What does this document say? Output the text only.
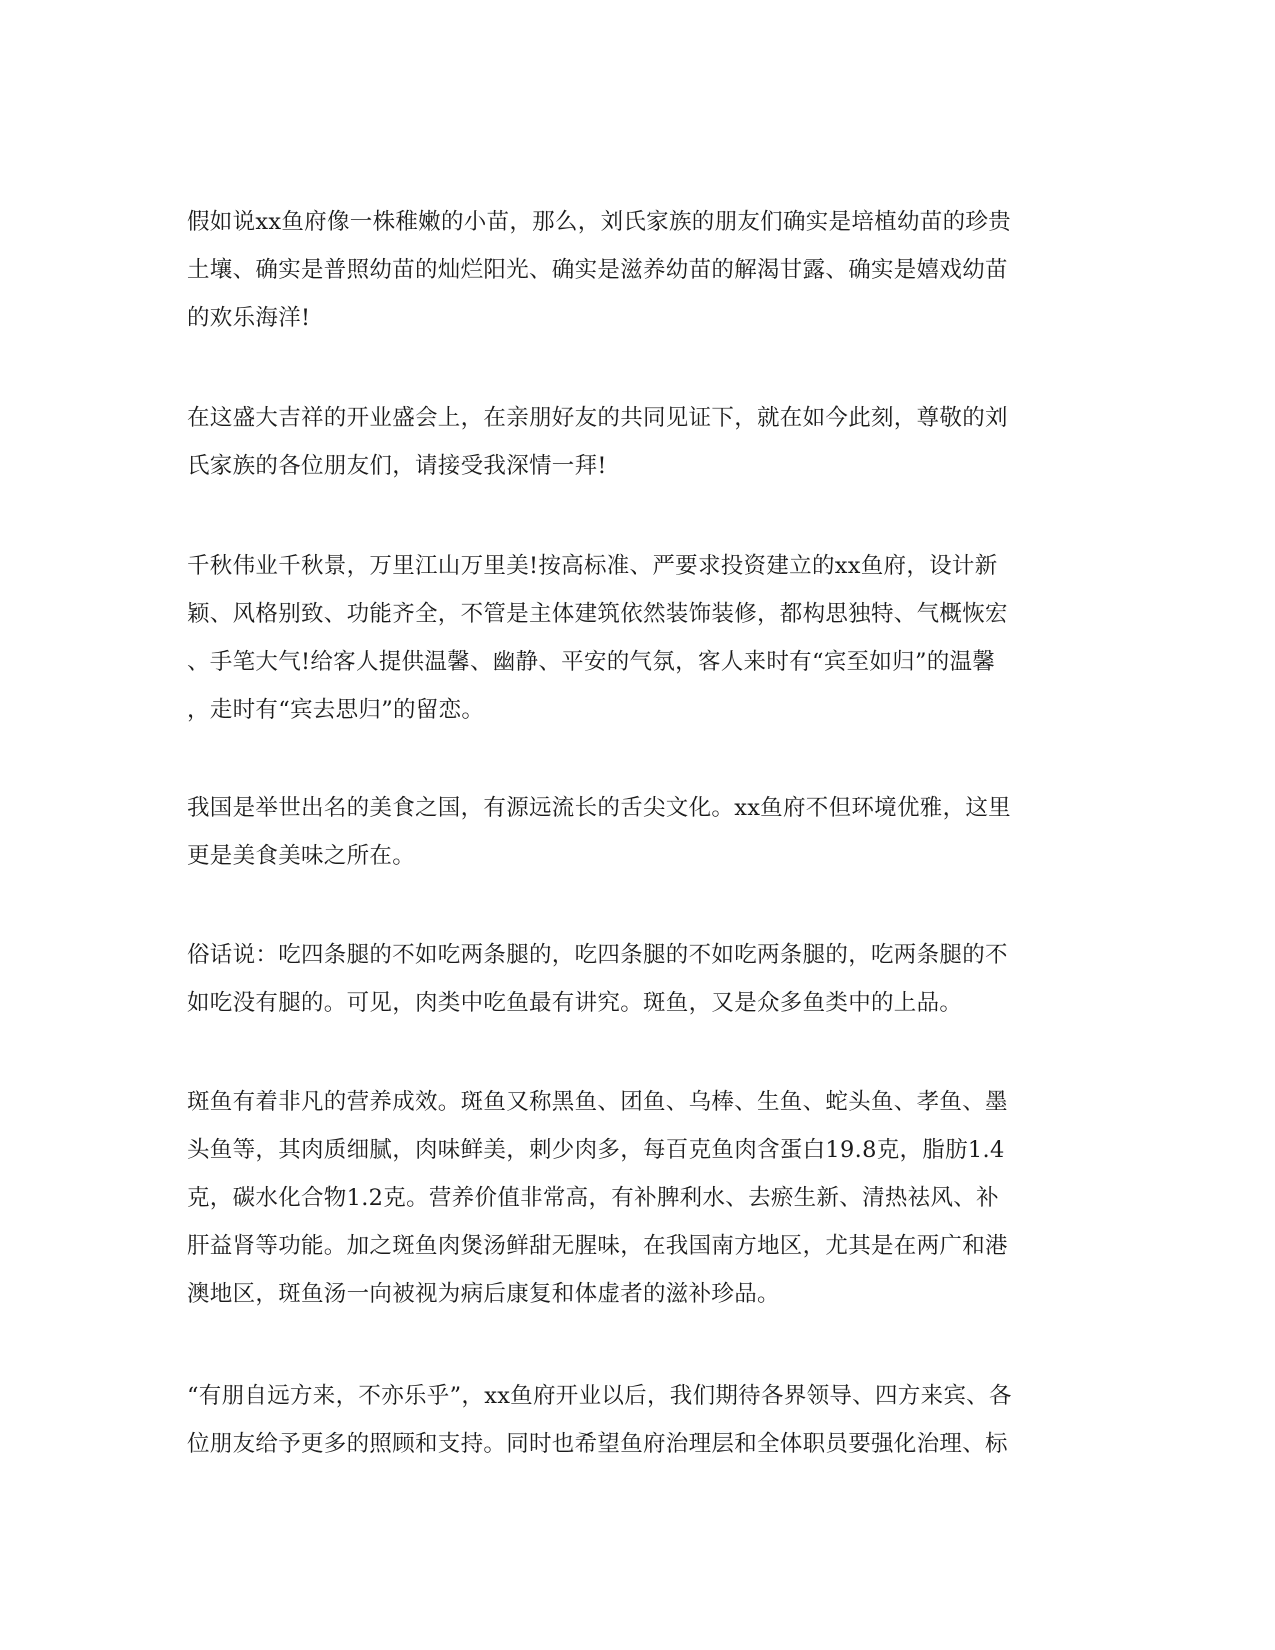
假如说xx鱼府像一株稚嫩的小苗，那么，刘氏家族的朋友们确实是培植幼苗的珍贵
土壤、确实是普照幼苗的灿烂阳光、确实是滋养幼苗的解渴甘露、确实是嬉戏幼苗
的欢乐海洋!

在这盛大吉祥的开业盛会上，在亲朋好友的共同见证下，就在如今此刻，尊敬的刘
氏家族的各位朋友们，请接受我深情一拜!

千秋伟业千秋景，万里江山万里美!按高标准、严要求投资建立的xx鱼府，设计新
颖、风格别致、功能齐全，不管是主体建筑依然装饰装修，都构思独特、气概恢宏
、手笔大气!给客人提供温馨、幽静、平安的气氛，客人来时有“宾至如归”的温馨
，走时有“宾去思归”的留恋。

我国是举世出名的美食之国，有源远流长的舌尖文化。xx鱼府不但环境优雅，这里
更是美食美味之所在。

俗话说：吃四条腿的不如吃两条腿的，吃四条腿的不如吃两条腿的，吃两条腿的不
如吃没有腿的。可见，肉类中吃鱼最有讲究。斑鱼，又是众多鱼类中的上品。

斑鱼有着非凡的营养成效。斑鱼又称黑鱼、团鱼、乌棒、生鱼、蛇头鱼、孝鱼、墨
头鱼等，其肉质细腻，肉味鲜美，刺少肉多，每百克鱼肉含蛋白19.8克，脂肪1.4
克，碳水化合物1.2克。营养价值非常高，有补脾利水、去瘀生新、清热祛风、补
肝益肾等功能。加之斑鱼肉煲汤鲜甜无腥味，在我国南方地区，尤其是在两广和港
澳地区，斑鱼汤一向被视为病后康复和体虚者的滋补珍品。

“有朋自远方来，不亦乐乎”，xx鱼府开业以后，我们期待各界领导、四方来宾、各
位朋友给予更多的照顾和支持。同时也希望鱼府治理层和全体职员要强化治理、标
